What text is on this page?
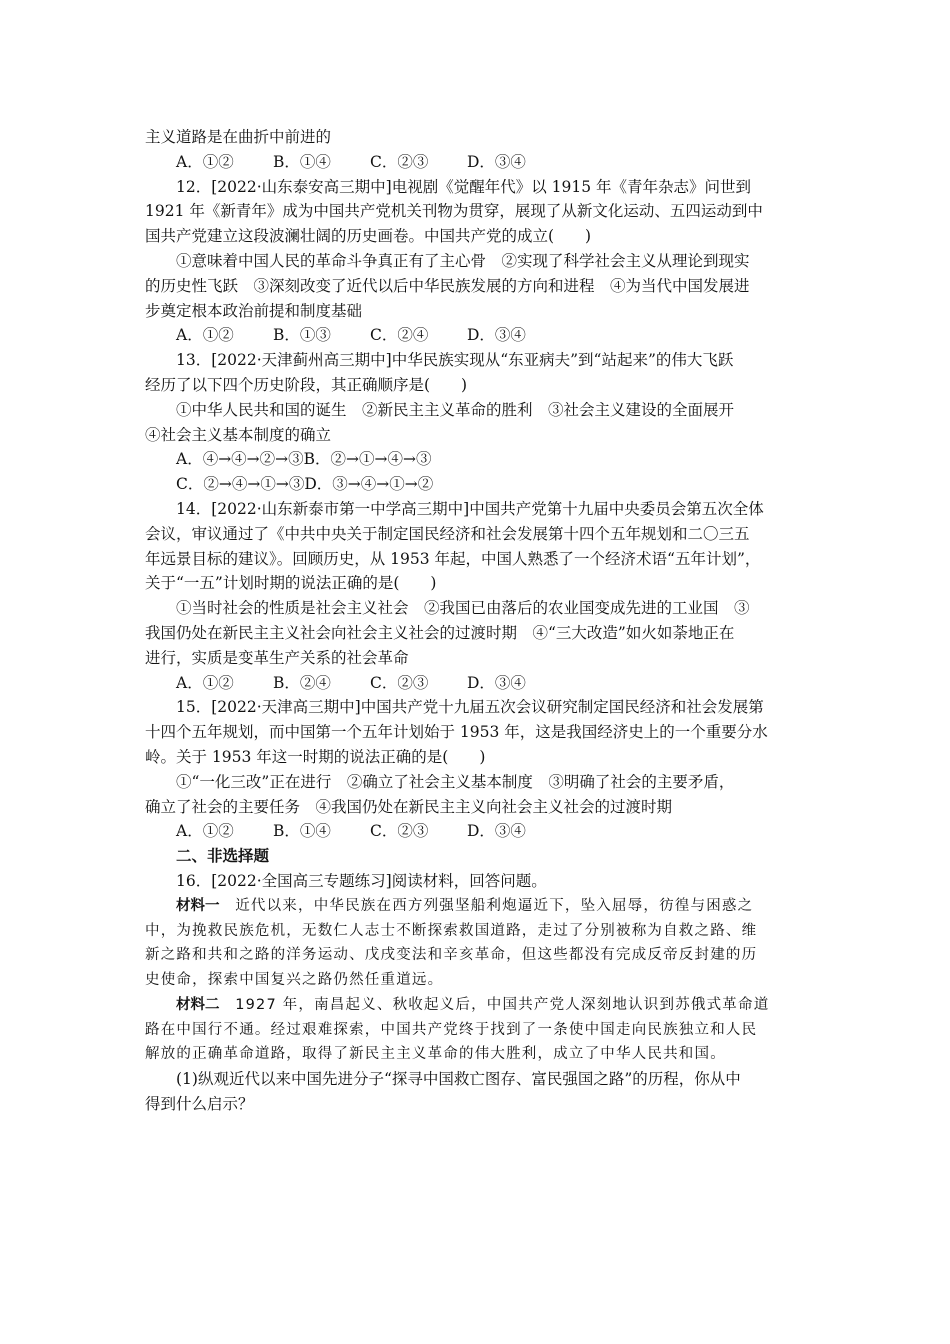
主义道路是在曲折中前进的
A．①②	B．①④	C．②③ D．③④
12．[2022·山东泰安高三期中]电视剧《觉醒年代》以 1915 年《青年杂志》问世到
1921 年《新青年》成为中国共产党机关刊物为贯穿，展现了从新文化运动、五四运动到中
国共产党建立这段波澜壮阔的历史画卷。中国共产党的成立(　　)
①意味着中国人民的革命斗争真正有了主心骨　②实现了科学社会主义从理论到现实
的历史性飞跃　③深刻改变了近代以后中华民族发展的方向和进程　④为当代中国发展进
步奠定根本政治前提和制度基础
A．①②	B．①③	C．②④ D．③④
13．[2022·天津蓟州高三期中]中华民族实现从“东亚病夫”到“站起来”的伟大飞跃
经历了以下四个历史阶段，其正确顺序是(　　)
①中华人民共和国的诞生　②新民主主义革命的胜利　③社会主义建设的全面展开
④社会主义基本制度的确立
A．④→④→②→③B．②→①→④→③
C．②→④→①→③D．③→④→①→②
14．[2022·山东新泰市第一中学高三期中]中国共产党第十九届中央委员会第五次全体
会议，审议通过了《中共中央关于制定国民经济和社会发展第十四个五年规划和二〇三五
年远景目标的建议》。回顾历史，从 1953 年起，中国人熟悉了一个经济术语“五年计划”，
关于“一五”计划时期的说法正确的是(　　)
①当时社会的性质是社会主义社会　②我国已由落后的农业国变成先进的工业国　③
我国仍处在新民主主义社会向社会主义社会的过渡时期　④“三大改造”如火如荼地正在
进行，实质是变革生产关系的社会革命
A．①②	B．②④	C．②③ D．③④
15．[2022·天津高三期中]中国共产党十九届五次会议研究制定国民经济和社会发展第
十四个五年规划，而中国第一个五年计划始于 1953 年，这是我国经济史上的一个重要分水
岭。关于 1953 年这一时期的说法正确的是(　　)
①“一化三改”正在进行　②确立了社会主义基本制度　③明确了社会的主要矛盾，
确立了社会的主要任务　④我国仍处在新民主主义向社会主义社会的过渡时期
A．①②	B．①④	C．②③ D．③④
二、非选择题
16．[2022·全国高三专题练习]阅读材料，回答问题。
材料一　近代以来，中华民族在西方列强坚船利炮逼近下，坠入屈辱，彷徨与困惑之
中，为挽救民族危机，无数仁人志士不断探索救国道路，走过了分别被称为自救之路、维
新之路和共和之路的洋务运动、戊戌变法和辛亥革命，但这些都没有完成反帝反封建的历
史使命，探索中国复兴之路仍然任重道远。
材料二　1927 年，南昌起义、秋收起义后，中国共产党人深刻地认识到苏俄式革命道
路在中国行不通。经过艰难探索，中国共产党终于找到了一条使中国走向民族独立和人民
解放的正确革命道路，取得了新民主主义革命的伟大胜利，成立了中华人民共和国。
(1)纵观近代以来中国先进分子“探寻中国救亡图存、富民强国之路”的历程，你从中
得到什么启示？
